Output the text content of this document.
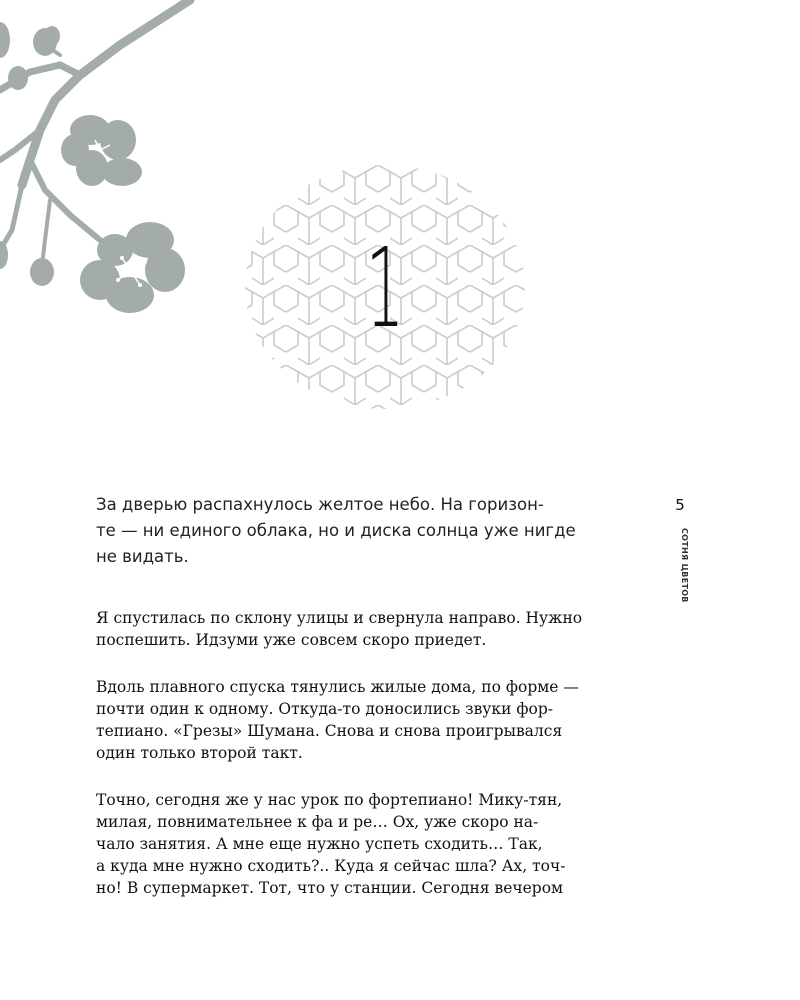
1

За дверью распахнулось желтое небо. На горизон-
те — ни единого облака, но и диска солнца уже нигде
не видать.

Я спустилась по склону улицы и свернула направо. Нужно
поспешить. Идзуми уже совсем скоро приедет.

Вдоль плавного спуска тянулись жилые дома, по форме —
почти один к одному. Откуда-то доносились звуки фор-
тепиано. «Грезы» Шумана. Снова и снова проигрывался
один только второй такт.

Точно, сегодня же у нас урок по фортепиано! Мику-тян,
милая, повнимательнее к фа и ре… Ох, уже скоро на-
чало занятия. А мне еще нужно успеть сходить… Так,
а куда мне нужно сходить?.. Куда я сейчас шла? Ах, точ-
но! В супермаркет. Тот, что у станции. Сегодня вечером

5
СОТНЯ ЦВЕТОВ
